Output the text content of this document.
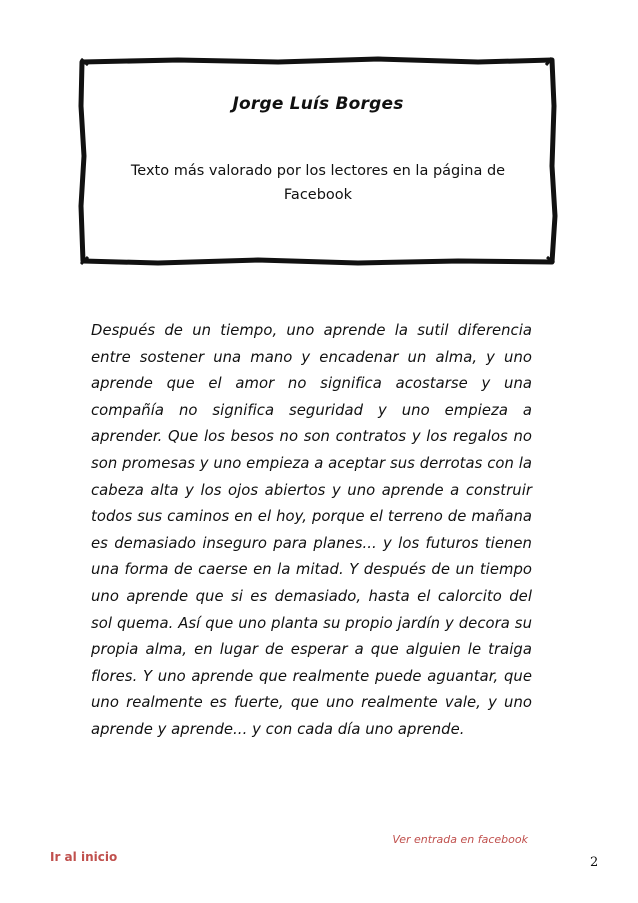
Jorge Luís Borges
Texto más valorado por los lectores en la página de Facebook
Después de un tiempo, uno aprende la sutil diferencia entre sostener una mano y encadenar un alma, y uno aprende que el amor no significa acostarse y una compañía no significa seguridad y uno empieza a aprender. Que los besos no son contratos y los regalos no son promesas y uno empieza a aceptar sus derrotas con la cabeza alta y los ojos abiertos y uno aprende a construir todos sus caminos en el hoy, porque el terreno de mañana es demasiado inseguro para planes... y los futuros tienen una forma de caerse en la mitad. Y después de un tiempo uno aprende que si es demasiado, hasta el calorcito del sol quema. Así que uno planta su propio jardín y decora su propia alma, en lugar de esperar a que alguien le traiga flores. Y uno aprende que realmente puede aguantar, que uno realmente es fuerte, que uno realmente vale, y uno aprende y aprende... y con cada día uno aprende.
Ver entrada en facebook
Ir al inicio	2
